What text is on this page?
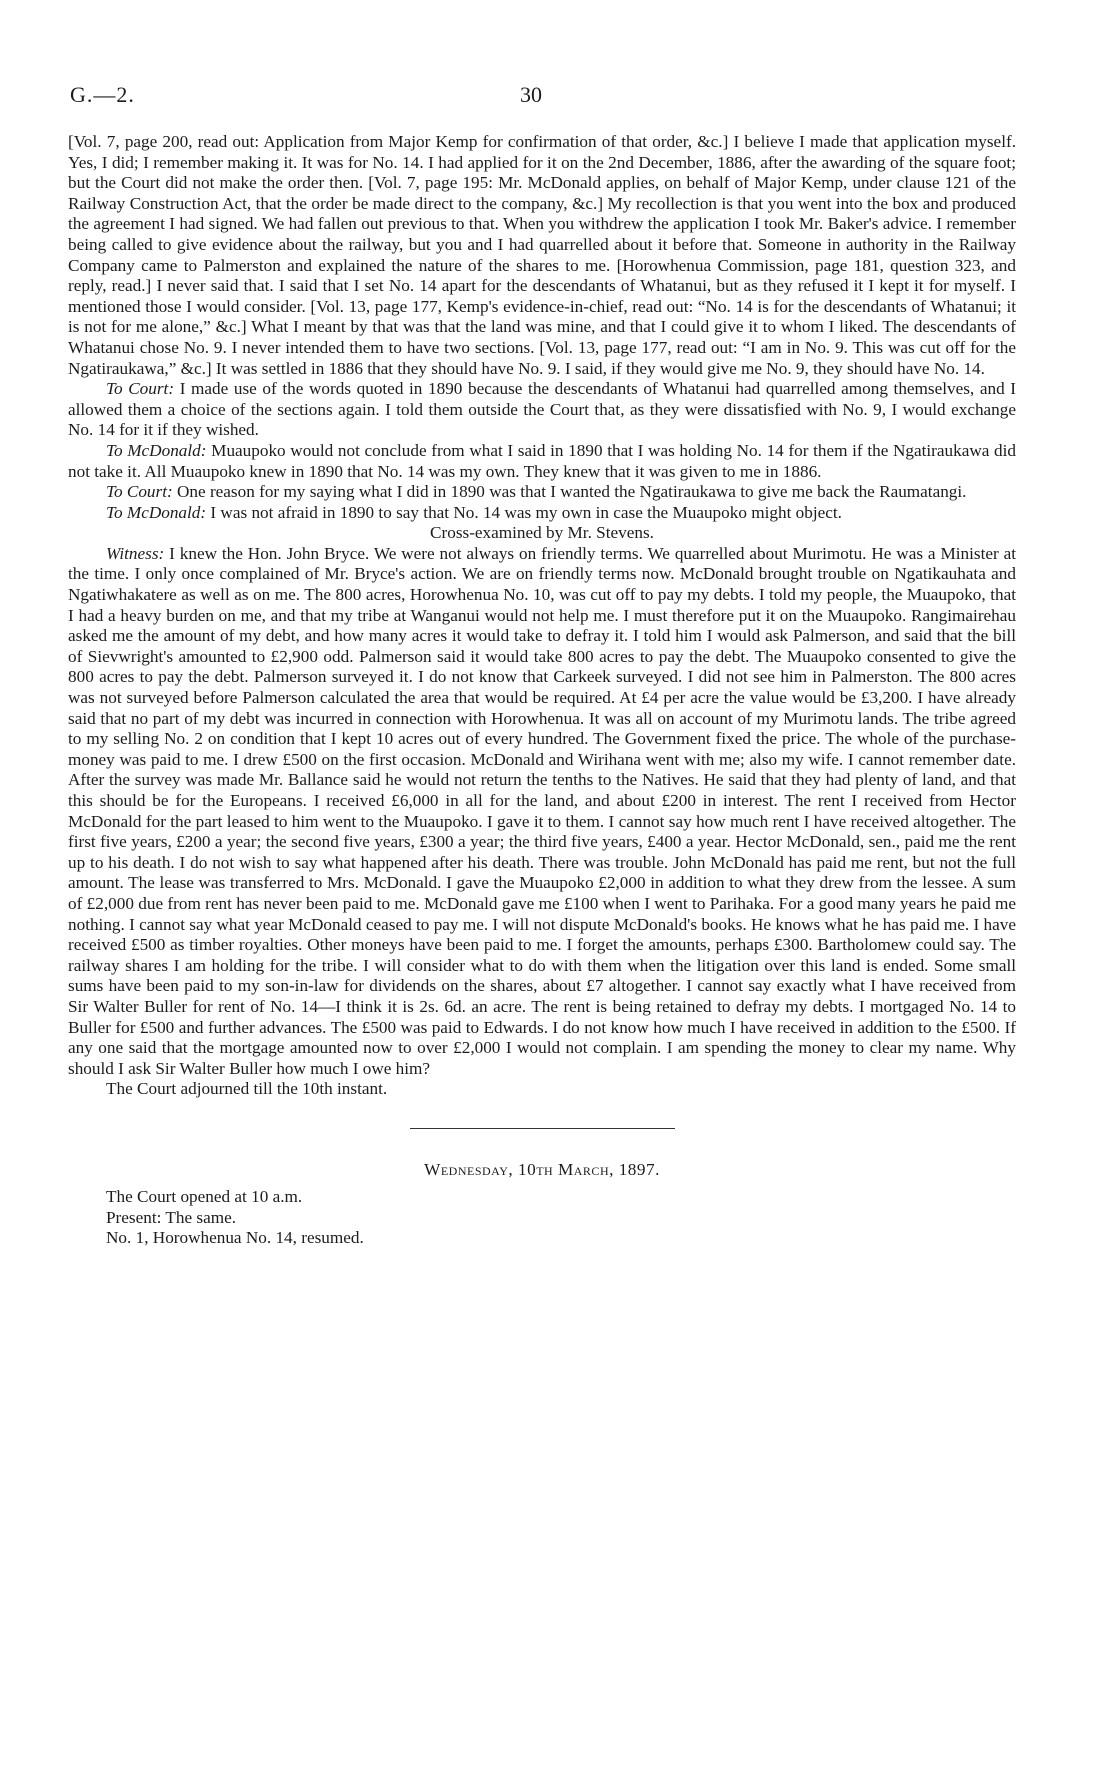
G.—2.	30

[Vol. 7, page 200, read out: Application from Major Kemp for confirmation of that order, &c.] I believe I made that application myself. Yes, I did; I remember making it. It was for No. 14. I had applied for it on the 2nd December, 1886, after the awarding of the square foot; but the Court did not make the order then. [Vol. 7, page 195: Mr. McDonald applies, on behalf of Major Kemp, under clause 121 of the Railway Construction Act, that the order be made direct to the company, &c.] My recollection is that you went into the box and produced the agreement I had signed. We had fallen out previous to that. When you withdrew the application I took Mr. Baker's advice. I remember being called to give evidence about the railway, but you and I had quarrelled about it before that. Someone in authority in the Railway Company came to Palmerston and explained the nature of the shares to me. [Horowhenua Commission, page 181, question 323, and reply, read.] I never said that. I said that I set No. 14 apart for the descendants of Whatanui, but as they refused it I kept it for myself. I mentioned those I would consider. [Vol. 13, page 177, Kemp's evidence-in-chief, read out: “No. 14 is for the descendants of Whatanui; it is not for me alone,” &c.] What I meant by that was that the land was mine, and that I could give it to whom I liked. The descendants of Whatanui chose No. 9. I never intended them to have two sections. [Vol. 13, page 177, read out: “I am in No. 9. This was cut off for the Ngatiraukawa,” &c.] It was settled in 1886 that they should have No. 9. I said, if they would give me No. 9, they should have No. 14.

To Court: I made use of the words quoted in 1890 because the descendants of Whatanui had quarrelled among themselves, and I allowed them a choice of the sections again. I told them outside the Court that, as they were dissatisfied with No. 9, I would exchange No. 14 for it if they wished.

To McDonald: Muaupoko would not conclude from what I said in 1890 that I was holding No. 14 for them if the Ngatiraukawa did not take it. All Muaupoko knew in 1890 that No. 14 was my own. They knew that it was given to me in 1886.

To Court: One reason for my saying what I did in 1890 was that I wanted the Ngatiraukawa to give me back the Raumatangi.

To McDonald: I was not afraid in 1890 to say that No. 14 was my own in case the Muaupoko might object.

Cross-examined by Mr. Stevens.

Witness: I knew the Hon. John Bryce. We were not always on friendly terms. We quarrelled about Murimotu. He was a Minister at the time. I only once complained of Mr. Bryce's action. We are on friendly terms now. McDonald brought trouble on Ngatikauhata and Ngatiwhakatere as well as on me. The 800 acres, Horowhenua No. 10, was cut off to pay my debts. I told my people, the Muaupoko, that I had a heavy burden on me, and that my tribe at Wanganui would not help me. I must therefore put it on the Muaupoko. Rangimairehau asked me the amount of my debt, and how many acres it would take to defray it. I told him I would ask Palmerson, and said that the bill of Sievwright's amounted to £2,900 odd. Palmerson said it would take 800 acres to pay the debt. The Muaupoko consented to give the 800 acres to pay the debt. Palmerson surveyed it. I do not know that Carkeek surveyed. I did not see him in Palmerston. The 800 acres was not surveyed before Palmerson calculated the area that would be required. At £4 per acre the value would be £3,200. I have already said that no part of my debt was incurred in connection with Horowhenua. It was all on account of my Murimotu lands. The tribe agreed to my selling No. 2 on condition that I kept 10 acres out of every hundred. The Government fixed the price. The whole of the purchase-money was paid to me. I drew £500 on the first occasion. McDonald and Wirihana went with me; also my wife. I cannot remember date. After the survey was made Mr. Ballance said he would not return the tenths to the Natives. He said that they had plenty of land, and that this should be for the Europeans. I received £6,000 in all for the land, and about £200 in interest. The rent I received from Hector McDonald for the part leased to him went to the Muaupoko. I gave it to them. I cannot say how much rent I have received altogether. The first five years, £200 a year; the second five years, £300 a year; the third five years, £400 a year. Hector McDonald, sen., paid me the rent up to his death. I do not wish to say what happened after his death. There was trouble. John McDonald has paid me rent, but not the full amount. The lease was transferred to Mrs. McDonald. I gave the Muaupoko £2,000 in addition to what they drew from the lessee. A sum of £2,000 due from rent has never been paid to me. McDonald gave me £100 when I went to Parihaka. For a good many years he paid me nothing. I cannot say what year McDonald ceased to pay me. I will not dispute McDonald's books. He knows what he has paid me. I have received £500 as timber royalties. Other moneys have been paid to me. I forget the amounts, perhaps £300. Bartholomew could say. The railway shares I am holding for the tribe. I will consider what to do with them when the litigation over this land is ended. Some small sums have been paid to my son-in-law for dividends on the shares, about £7 altogether. I cannot say exactly what I have received from Sir Walter Buller for rent of No. 14—I think it is 2s. 6d. an acre. The rent is being retained to defray my debts. I mortgaged No. 14 to Buller for £500 and further advances. The £500 was paid to Edwards. I do not know how much I have received in addition to the £500. If any one said that the mortgage amounted now to over £2,000 I would not complain. I am spending the money to clear my name. Why should I ask Sir Walter Buller how much I owe him?

The Court adjourned till the 10th instant.

Wednesday, 10th March, 1897.

The Court opened at 10 a.m.

Present: The same.

No. 1, Horowhenua No. 14, resumed.
